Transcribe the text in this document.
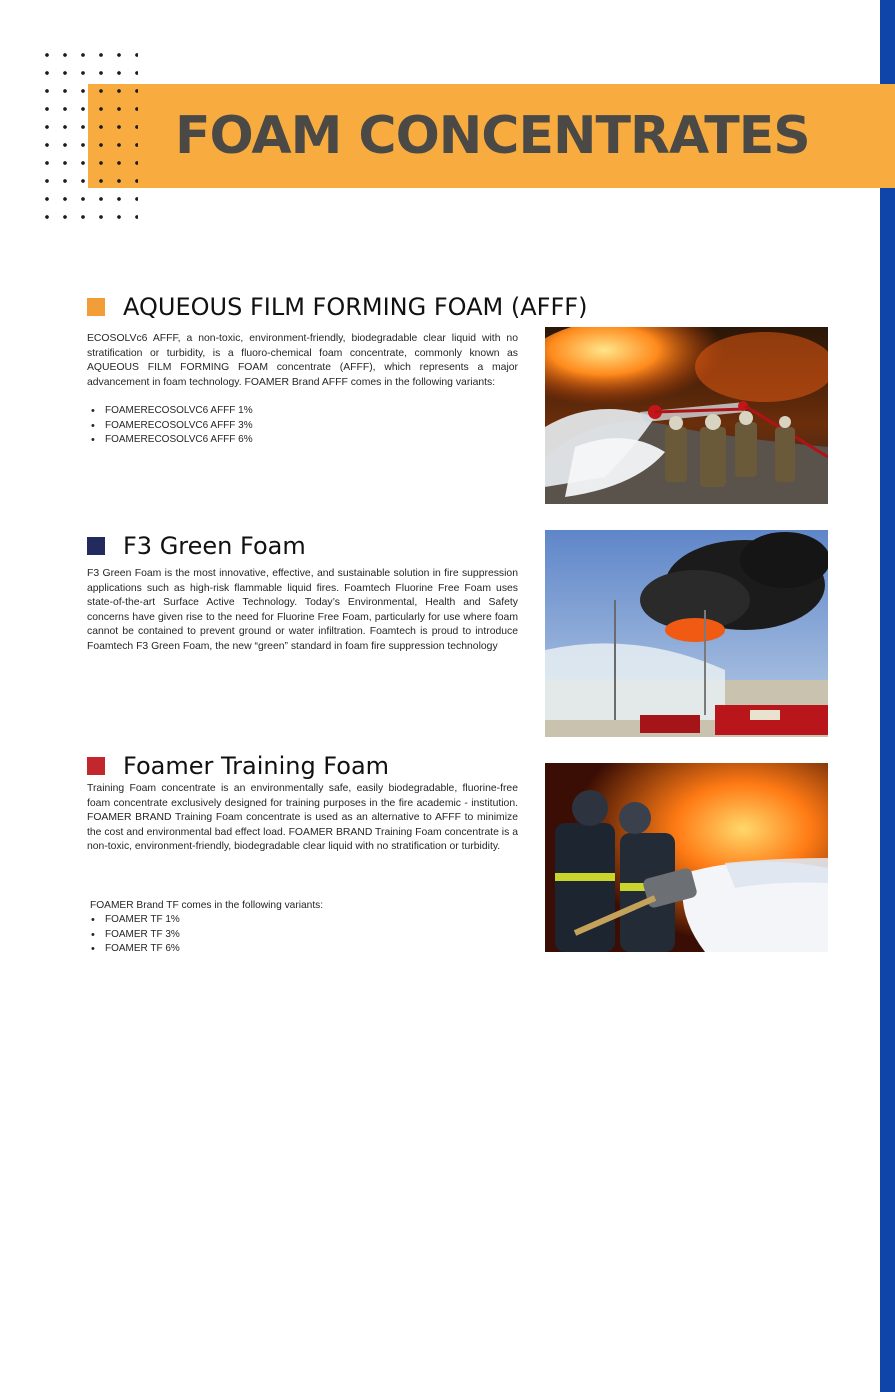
FOAM CONCENTRATES
AQUEOUS FILM FORMING FOAM (AFFF)

ECOSOLVc6 AFFF, a non-toxic, environment-friendly, biodegradable clear liquid with no stratification or turbidity, is a fluoro-chemical foam concentrate, commonly known as AQUEOUS FILM FORMING FOAM concentrate (AFFF), which represents a major advancement in foam technology. FOAMER Brand AFFF comes in the following variants:

• FOAMERECOSOLVC6 AFFF 1%
• FOAMERECOSOLVC6 AFFF 3%
• FOAMERECOSOLVC6 AFFF 6%
F3 Green Foam

F3 Green Foam is the most innovative, effective, and sustainable solution in fire suppression applications such as high-risk flammable liquid fires. Foamtech Fluorine Free Foam uses state-of-the-art Surface Active Technology. Today’s Environmental, Health and Safety concerns have given rise to the need for Fluorine Free Foam, particularly for use where foam cannot be contained to prevent ground or water infiltration. Foamtech is proud to introduce Foamtech F3 Green Foam, the new “green” standard in foam fire suppression technology

Foamer Training Foam

Training Foam concentrate is an environmentally safe, easily biodegradable, fluorine-free foam concentrate exclusively designed for training purposes in the fire academic - institution. FOAMER BRAND Training Foam concentrate is used as an alternative to AFFF to minimize the cost and environmental bad effect load. FOAMER BRAND Training Foam concentrate is a non-toxic, environment-friendly, biodegradable clear liquid with no stratification or turbidity.

FOAMER Brand TF comes in the following variants:

• FOAMER TF 1%
• FOAMER TF 3%
• FOAMER TF 6%
